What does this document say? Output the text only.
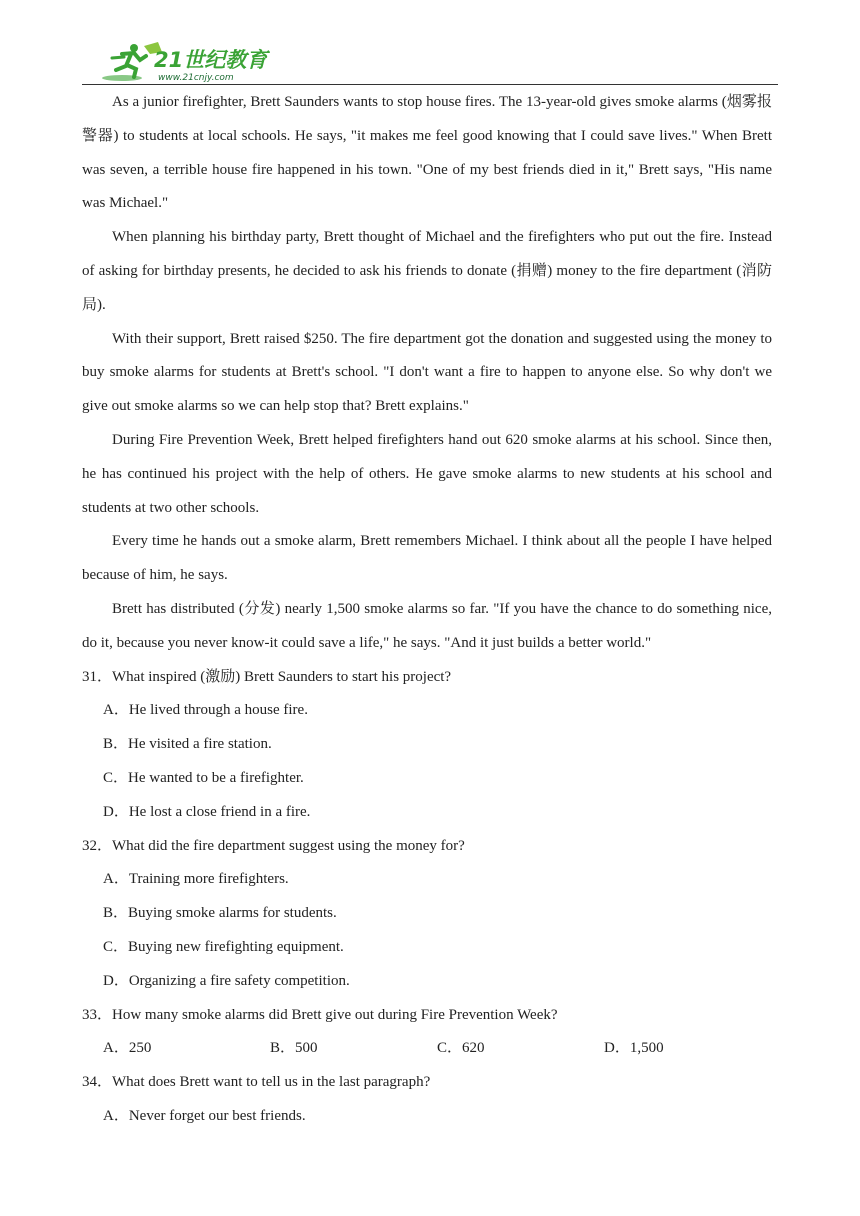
21世纪教育
www.21cnjy.com

As a junior firefighter, Brett Saunders wants to stop house fires. The 13-year-old gives smoke alarms (烟雾报警器) to students at local schools. He says, "it makes me feel good knowing that I could save lives." When Brett was seven, a terrible house fire happened in his town. "One of my best friends died in it," Brett says, "His name was Michael."

When planning his birthday party, Brett thought of Michael and the firefighters who put out the fire. Instead of asking for birthday presents, he decided to ask his friends to donate (捐赠) money to the fire department (消防局).

With their support, Brett raised $250. The fire department got the donation and suggested using the money to buy smoke alarms for students at Brett's school. "I don't want a fire to happen to anyone else. So why don't we give out smoke alarms so we can help stop that? Brett explains."

During Fire Prevention Week, Brett helped firefighters hand out 620 smoke alarms at his school. Since then, he has continued his project with the help of others. He gave smoke alarms to new students at his school and students at two other schools.

Every time he hands out a smoke alarm, Brett remembers Michael. I think about all the people I have helped because of him, he says.

Brett has distributed (分发) nearly 1,500 smoke alarms so far. "If you have the chance to do something nice, do it, because you never know-it could save a life," he says. "And it just builds a better world."

31．What inspired (激励) Brett Saunders to start his project?

A．He lived through a house fire.

B．He visited a fire station.

C．He wanted to be a firefighter.

D．He lost a close friend in a fire.

32．What did the fire department suggest using the money for?

A．Training more firefighters.

B．Buying smoke alarms for students.

C．Buying new firefighting equipment.

D．Organizing a fire safety competition.

33．How many smoke alarms did Brett give out during Fire Prevention Week?

A．250	B．500	C．620	D．1,500

34．What does Brett want to tell us in the last paragraph?

A．Never forget our best friends.
